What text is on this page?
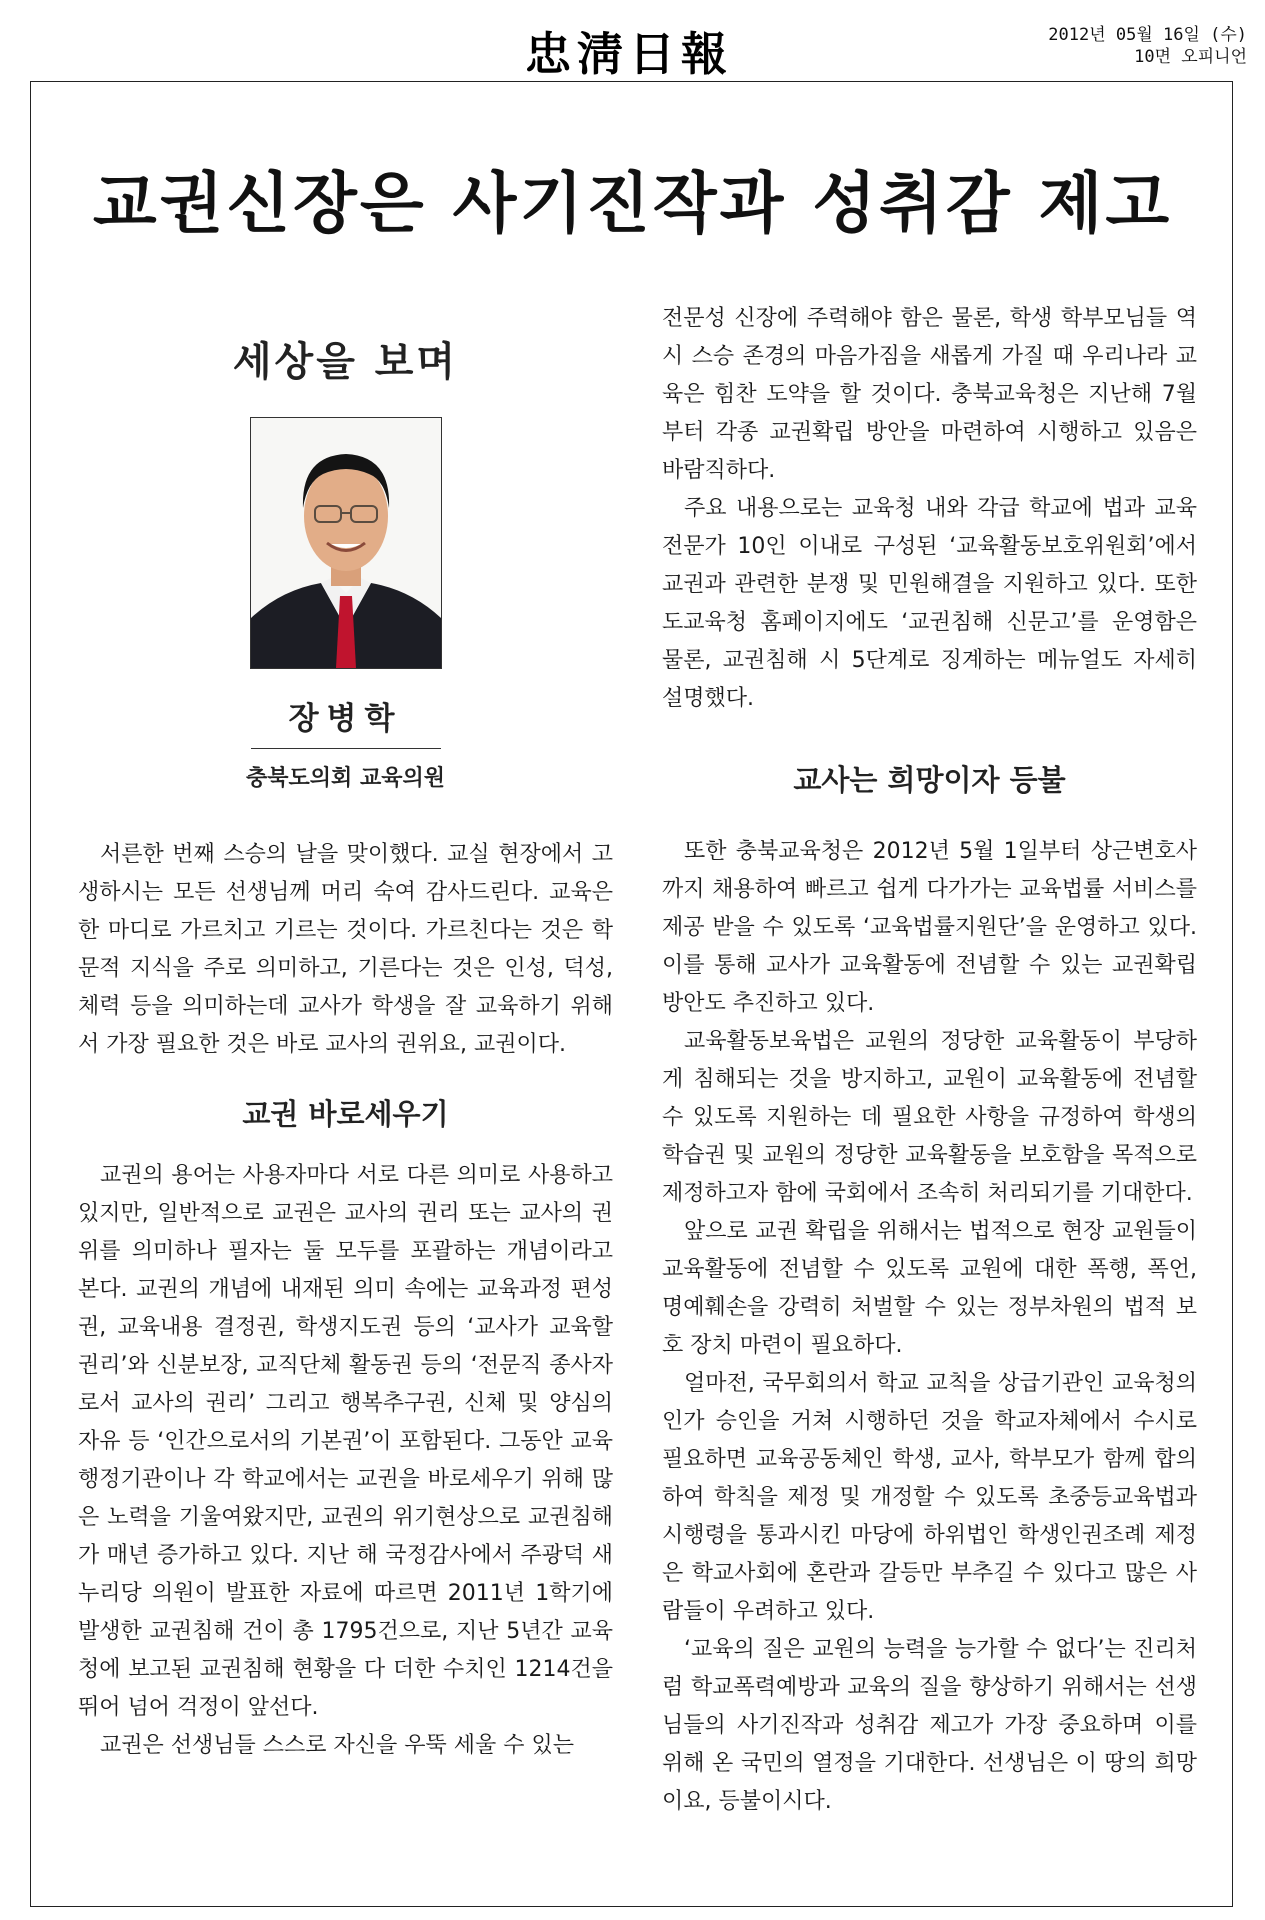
忠淸日報	2012년 05월 16일 (수)
10면 오피니언
교권신장은 사기진작과 성취감 제고
세상을 보며
장병학
충북도의회 교육의원

서른한 번째 스승의 날을 맞이했다. 교실 현장에서 고생하시는 모든 선생님께 머리 숙여 감사드린다. 교육은 한 마디로 가르치고 기르는 것이다. 가르친다는 것은 학문적 지식을 주로 의미하고, 기른다는 것은 인성, 덕성, 체력 등을 의미하는데 교사가 학생을 잘 교육하기 위해서 가장 필요한 것은 바로 교사의 권위요, 교권이다.

교권 바로세우기

교권의 용어는 사용자마다 서로 다른 의미로 사용하고 있지만, 일반적으로 교권은 교사의 권리 또는 교사의 권위를 의미하나 필자는 둘 모두를 포괄하는 개념이라고 본다. 교권의 개념에 내재된 의미 속에는 교육과정 편성권, 교육내용 결정권, 학생지도권 등의 ‘교사가 교육할 권리’와 신분보장, 교직단체 활동권 등의 ‘전문직 종사자로서 교사의 권리’ 그리고 행복추구권, 신체 및 양심의 자유 등 ‘인간으로서의 기본권’이 포함된다. 그동안 교육행정기관이나 각 학교에서는 교권을 바로세우기 위해 많은 노력을 기울여왔지만, 교권의 위기현상으로 교권침해가 매년 증가하고 있다. 지난 해 국정감사에서 주광덕 새누리당 의원이 발표한 자료에 따르면 2011년 1학기에 발생한 교권침해 건이 총 1795건으로, 지난 5년간 교육청에 보고된 교권침해 현황을 다 더한 수치인 1214건을 뛰어 넘어 걱정이 앞선다.

교권은 선생님들 스스로 자신을 우뚝 세울 수 있는

전문성 신장에 주력해야 함은 물론, 학생 학부모님들 역시 스승 존경의 마음가짐을 새롭게 가질 때 우리나라 교육은 힘찬 도약을 할 것이다. 충북교육청은 지난해 7월부터 각종 교권확립 방안을 마련하여 시행하고 있음은 바람직하다.

주요 내용으로는 교육청 내와 각급 학교에 법과 교육전문가 10인 이내로 구성된 ‘교육활동보호위원회’에서 교권과 관련한 분쟁 및 민원해결을 지원하고 있다. 또한 도교육청 홈페이지에도 ‘교권침해 신문고’를 운영함은 물론, 교권침해 시 5단계로 징계하는 메뉴얼도 자세히 설명했다.

교사는 희망이자 등불

또한 충북교육청은 2012년 5월 1일부터 상근변호사까지 채용하여 빠르고 쉽게 다가가는 교육법률 서비스를 제공 받을 수 있도록 ‘교육법률지원단’을 운영하고 있다. 이를 통해 교사가 교육활동에 전념할 수 있는 교권확립 방안도 추진하고 있다.

교육활동보육법은 교원의 정당한 교육활동이 부당하게 침해되는 것을 방지하고, 교원이 교육활동에 전념할 수 있도록 지원하는 데 필요한 사항을 규정하여 학생의 학습권 및 교원의 정당한 교육활동을 보호함을 목적으로 제정하고자 함에 국회에서 조속히 처리되기를 기대한다.

앞으로 교권 확립을 위해서는 법적으로 현장 교원들이 교육활동에 전념할 수 있도록 교원에 대한 폭행, 폭언, 명예훼손을 강력히 처벌할 수 있는 정부차원의 법적 보호 장치 마련이 필요하다.

얼마전, 국무회의서 학교 교칙을 상급기관인 교육청의 인가 승인을 거쳐 시행하던 것을 학교자체에서 수시로 필요하면 교육공동체인 학생, 교사, 학부모가 함께 합의하여 학칙을 제정 및 개정할 수 있도록 초중등교육법과 시행령을 통과시킨 마당에 하위법인 학생인권조례 제정은 학교사회에 혼란과 갈등만 부추길 수 있다고 많은 사람들이 우려하고 있다.

‘교육의 질은 교원의 능력을 능가할 수 없다’는 진리처럼 학교폭력예방과 교육의 질을 향상하기 위해서는 선생님들의 사기진작과 성취감 제고가 가장 중요하며 이를 위해 온 국민의 열정을 기대한다. 선생님은 이 땅의 희망이요, 등불이시다.
